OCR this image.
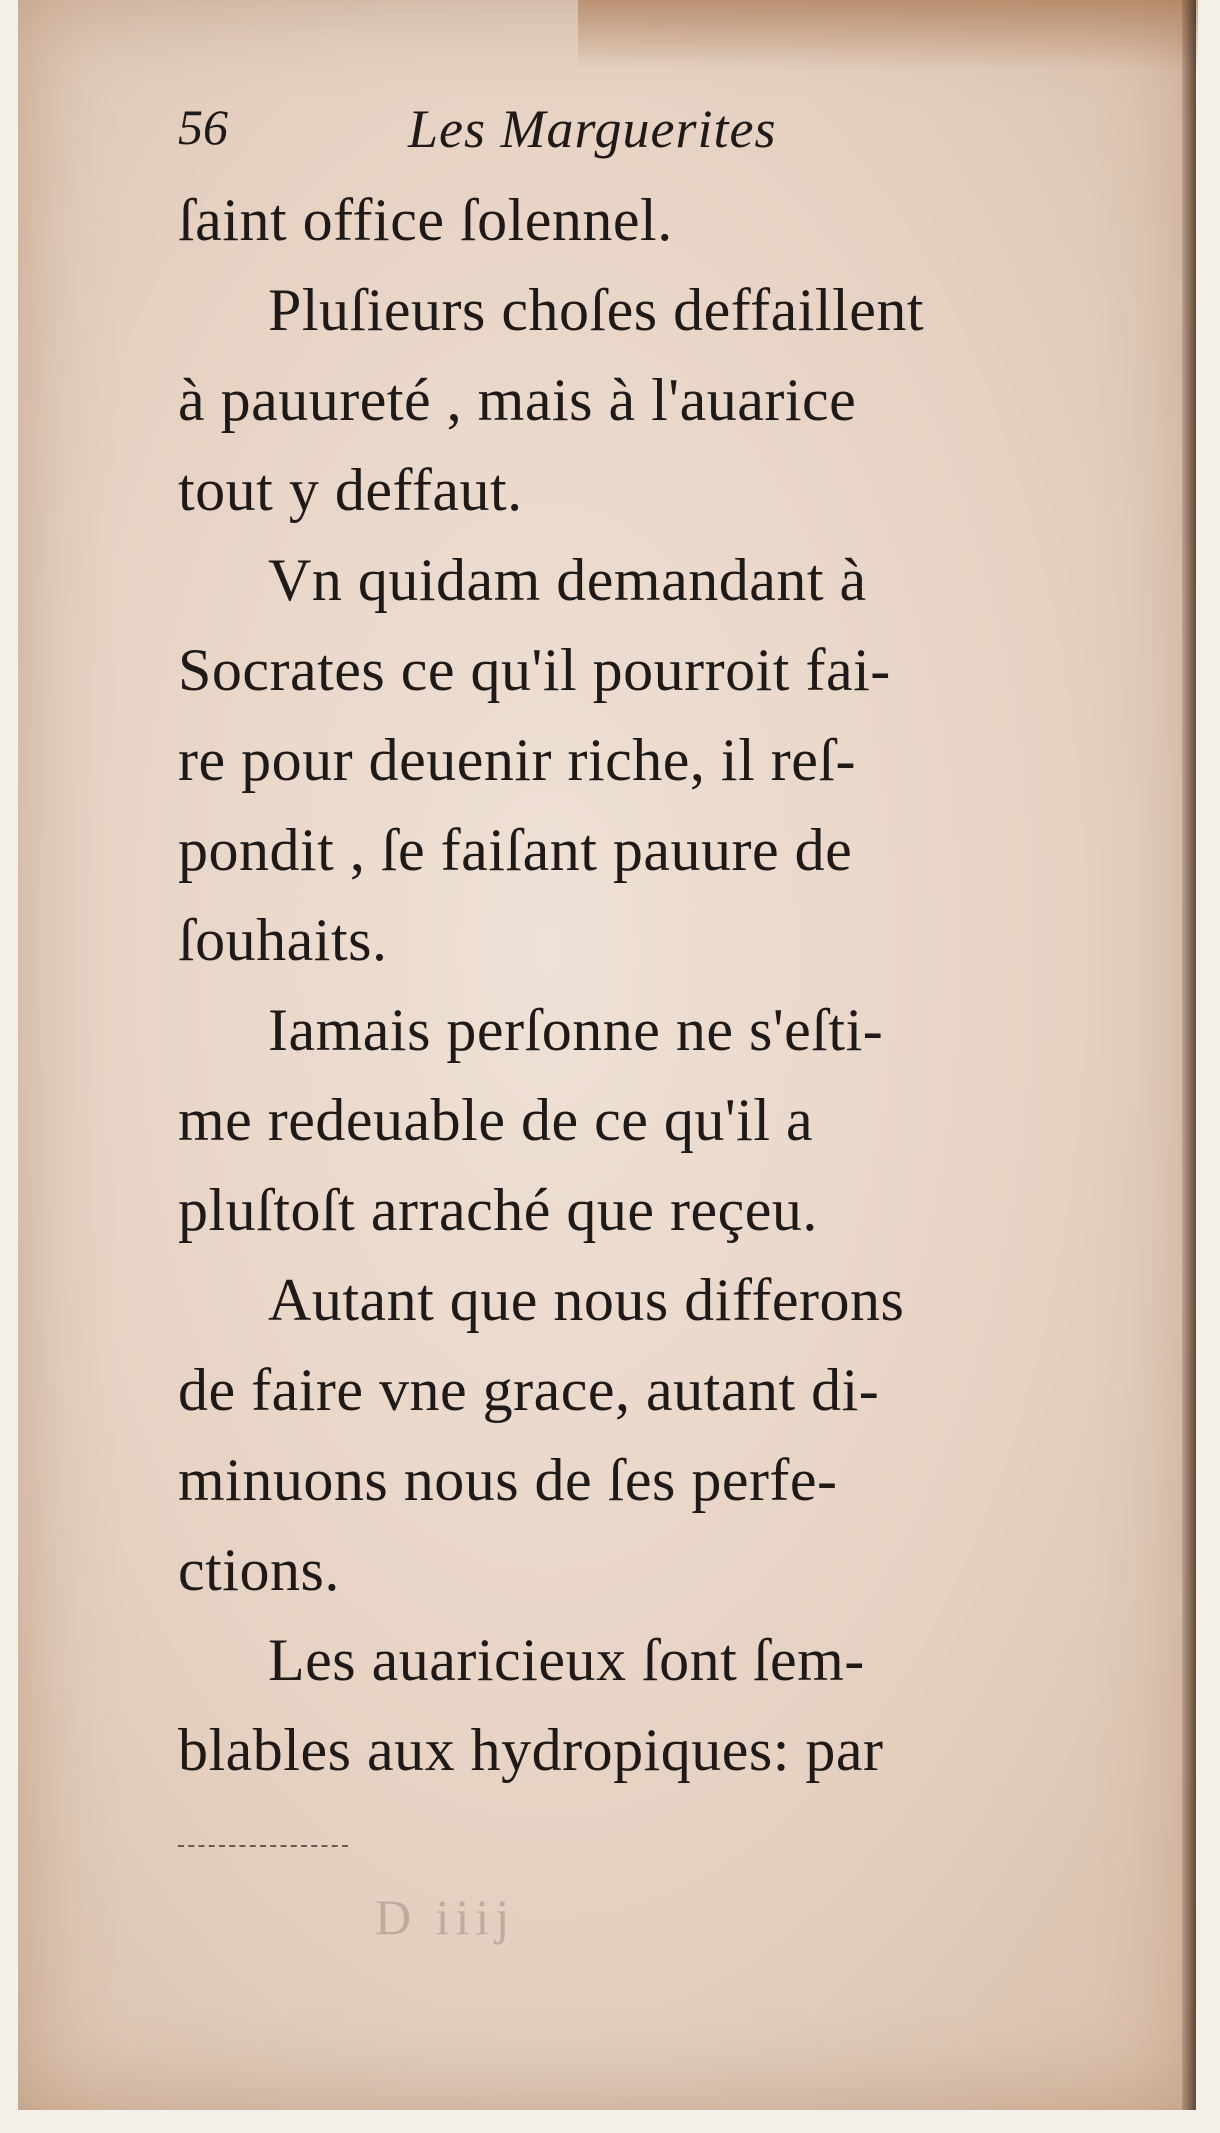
56	Les Marguerites
ſaint office ſolennel.
Pluſieurs choſes deffaillent
à pauureté , mais à l'auarice
tout y deffaut.
Vn quidam demandant à
Socrates ce qu'il pourroit fai-
re pour deuenir riche, il reſ-
pondit , ſe faiſant pauure de
ſouhaits.
Iamais perſonne ne s'eſti-
me redeuable de ce qu'il a
pluſtoſt arraché que reçeu.
Autant que nous differons
de faire vne grace, autant di-
minuons nous de ſes perfe-
ctions.
Les auaricieux ſont ſem-
blables aux hydropiques: par
D iiij
